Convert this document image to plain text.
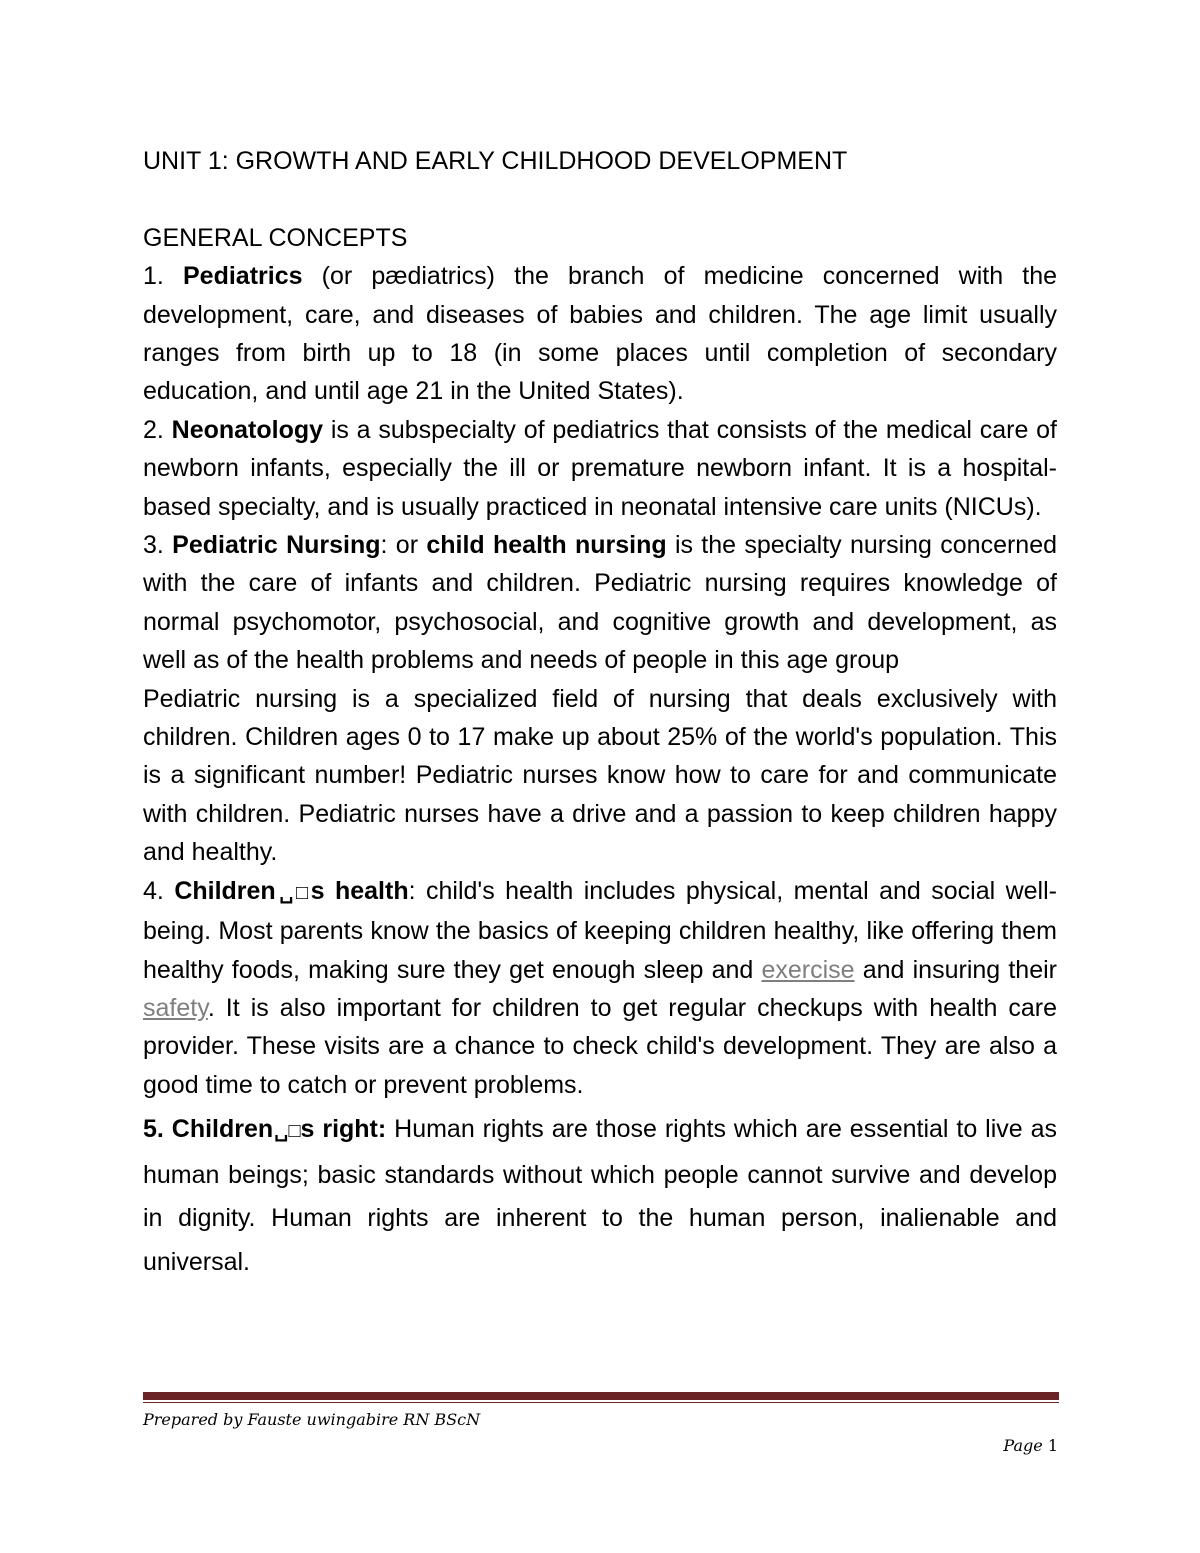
UNIT 1: GROWTH AND EARLY CHILDHOOD DEVELOPMENT
GENERAL CONCEPTS

1. Pediatrics (or pædiatrics) the branch of medicine concerned with the development, care, and diseases of babies and children. The age limit usually ranges from birth up to 18 (in some places until completion of secondary education, and until age 21 in the United States).

2. Neonatology is a subspecialty of pediatrics that consists of the medical care of newborn infants, especially the ill or premature newborn infant. It is a hospital-based specialty, and is usually practiced in neonatal intensive care units (NICUs).

3. Pediatric Nursing: or child health nursing is the specialty nursing concerned with the care of infants and children. Pediatric nursing requires knowledge of normal psychomotor, psychosocial, and cognitive growth and development, as well as of the health problems and needs of people in this age group

Pediatric nursing is a specialized field of nursing that deals exclusively with children. Children ages 0 to 17 make up about 25% of the world's population. This is a significant number! Pediatric nurses know how to care for and communicate with children. Pediatric nurses have a drive and a passion to keep children happy and healthy.

4. Children␣□s health: child's health includes physical, mental and social well-being. Most parents know the basics of keeping children healthy, like offering them healthy foods, making sure they get enough sleep and exercise and insuring their safety. It is also important for children to get regular checkups with health care provider. These visits are a chance to check child's development. They are also a good time to catch or prevent problems.

5. Children␣□s right: Human rights are those rights which are essential to live as human beings; basic standards without which people cannot survive and develop in dignity. Human rights are inherent to the human person, inalienable and universal.

Prepared by Fauste uwingabire RN BScN
Page 1
